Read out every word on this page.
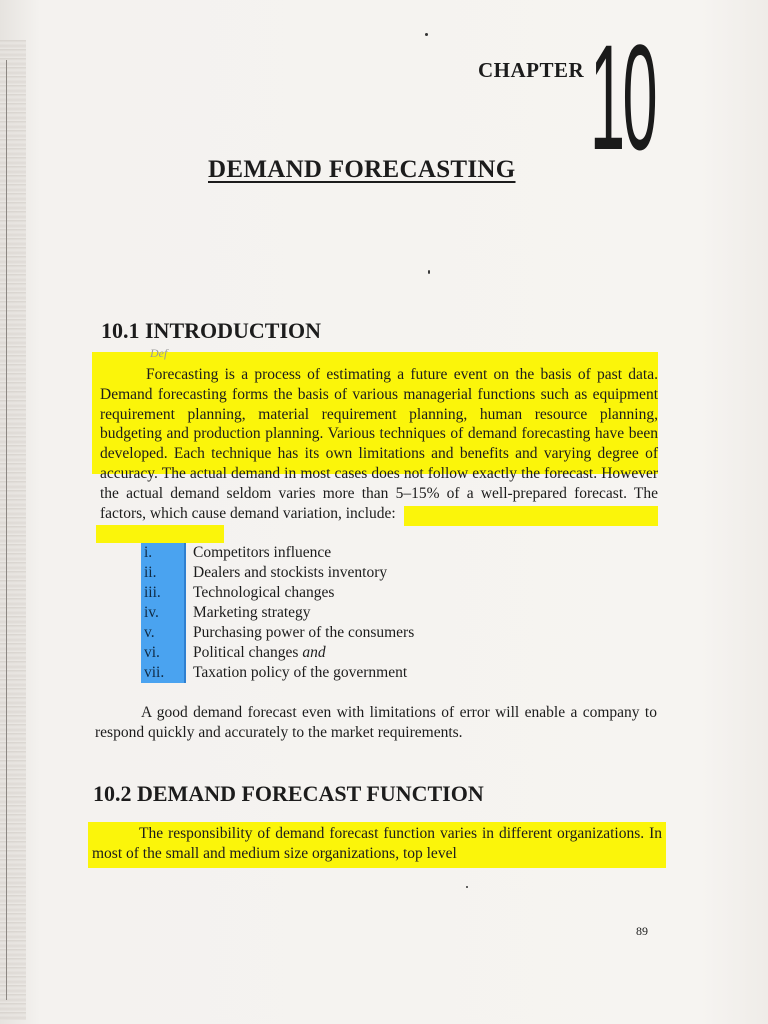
CHAPTER 10
DEMAND FORECASTING
10.1 INTRODUCTION
Def
Forecasting is a process of estimating a future event on the basis of past data. Demand forecasting forms the basis of various managerial functions such as equipment requirement planning, material requirement planning, human resource planning, budgeting and production planning. Various techniques of demand forecasting have been developed. Each technique has its own limitations and benefits and varying degree of accuracy. The actual demand in most cases does not follow exactly the forecast. However the actual demand seldom varies more than 5–15% of a well-prepared forecast. The factors, which cause demand variation, include:
i.	Competitors influence
ii.	Dealers and stockists inventory
iii.	Technological changes
iv.	Marketing strategy
v.	Purchasing power of the consumers
vi.	Political changes
and
vii.	Taxation policy of the government
A good demand forecast even with limitations of error will enable a company to respond quickly and accurately to the market requirements.
10.2 DEMAND FORECAST FUNCTION
The responsibility of demand forecast function varies in different organizations. In most of the small and medium size organizations, top level
89
